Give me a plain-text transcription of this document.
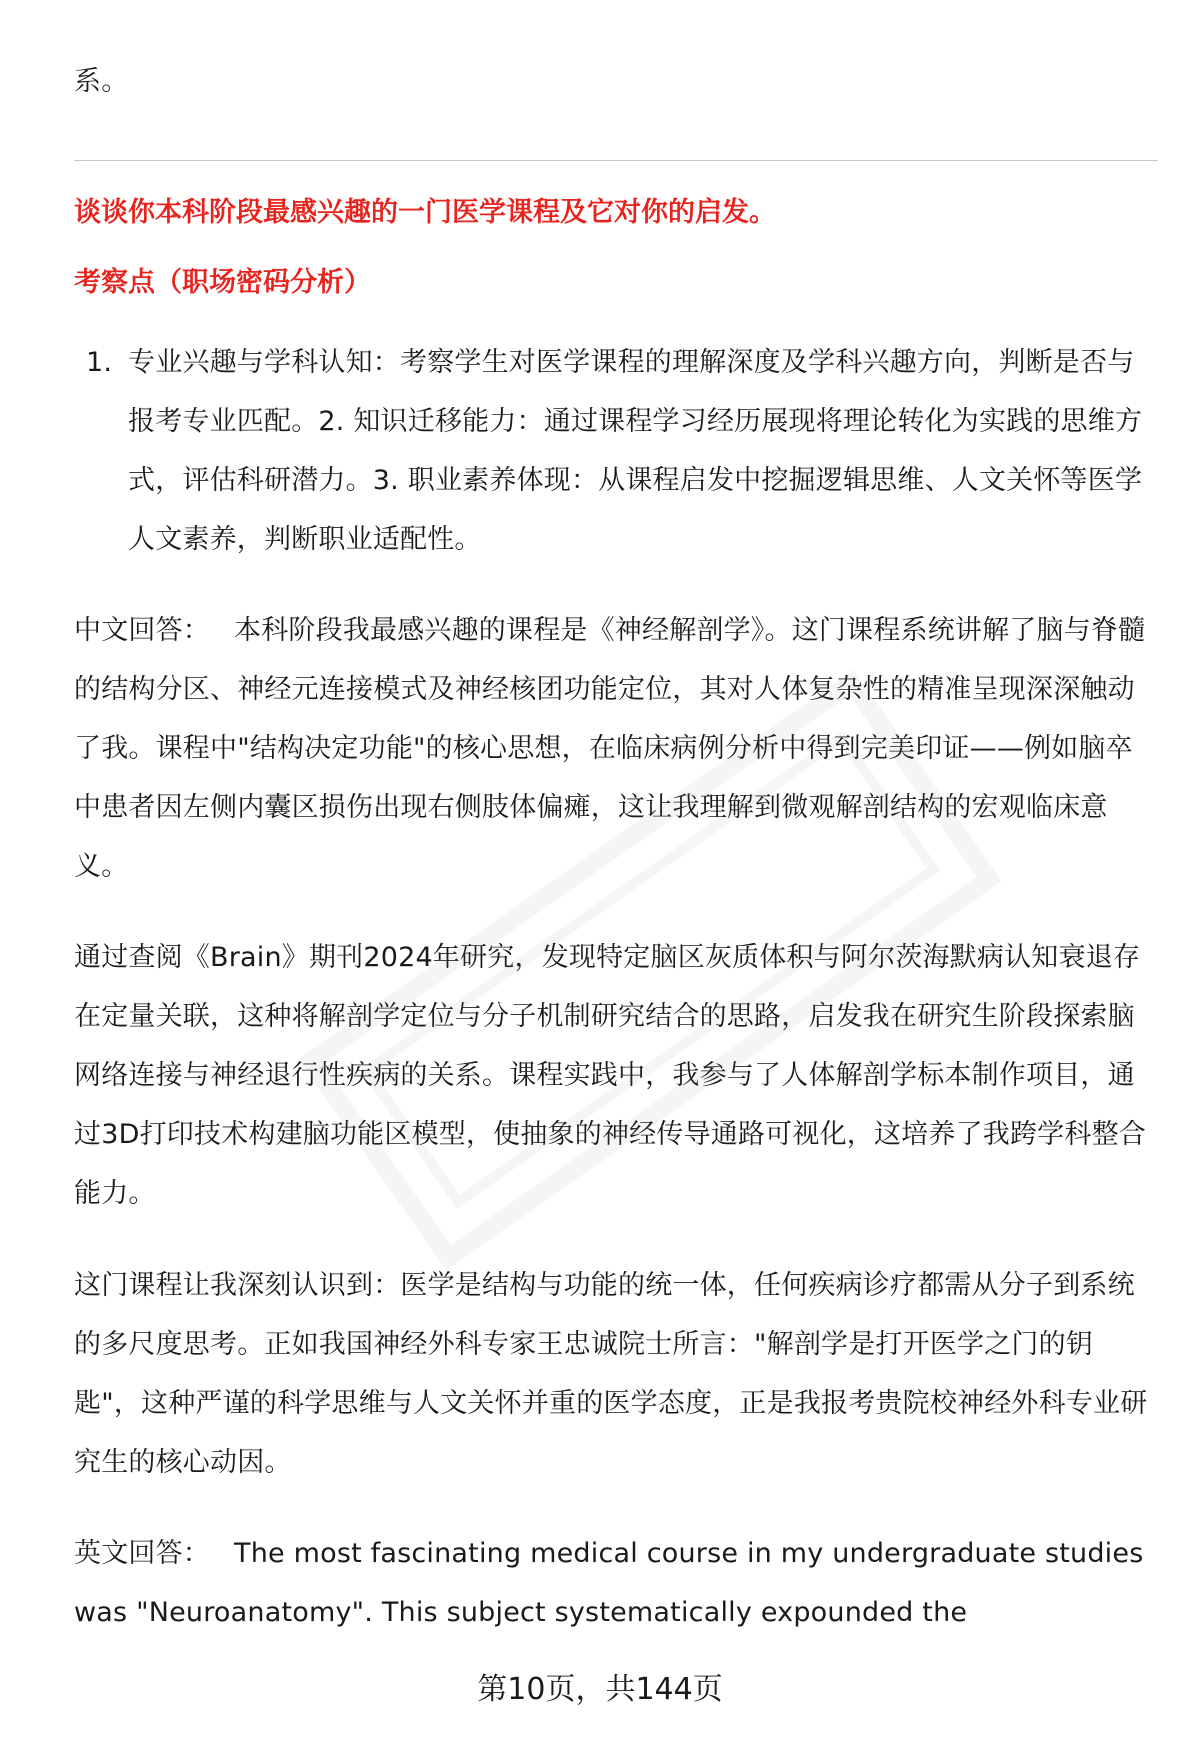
系。

谈谈你本科阶段最感兴趣的一门医学课程及它对你的启发。

考察点（职场密码分析）

1. 专业兴趣与学科认知：考察学生对医学课程的理解深度及学科兴趣方向，判断是否与报考专业匹配。2. 知识迁移能力：通过课程学习经历展现将理论转化为实践的思维方式，评估科研潜力。3. 职业素养体现：从课程启发中挖掘逻辑思维、人文关怀等医学人文素养，判断职业适配性。

中文回答： 本科阶段我最感兴趣的课程是《神经解剖学》。这门课程系统讲解了脑与脊髓的结构分区、神经元连接模式及神经核团功能定位，其对人体复杂性的精准呈现深深触动了我。课程中"结构决定功能"的核心思想，在临床病例分析中得到完美印证——例如脑卒中患者因左侧内囊区损伤出现右侧肢体偏瘫，这让我理解到微观解剖结构的宏观临床意义。

通过查阅《Brain》期刊2024年研究，发现特定脑区灰质体积与阿尔茨海默病认知衰退存在定量关联，这种将解剖学定位与分子机制研究结合的思路，启发我在研究生阶段探索脑网络连接与神经退行性疾病的关系。课程实践中，我参与了人体解剖学标本制作项目，通过3D打印技术构建脑功能区模型，使抽象的神经传导通路可视化，这培养了我跨学科整合能力。

这门课程让我深刻认识到：医学是结构与功能的统一体，任何疾病诊疗都需从分子到系统的多尺度思考。正如我国神经外科专家王忠诚院士所言："解剖学是打开医学之门的钥匙"，这种严谨的科学思维与人文关怀并重的医学态度，正是我报考贵院校神经外科专业研究生的核心动因。

英文回答： The most fascinating medical course in my undergraduate studies was "Neuroanatomy". This subject systematically expounded the

第10页，共144页
